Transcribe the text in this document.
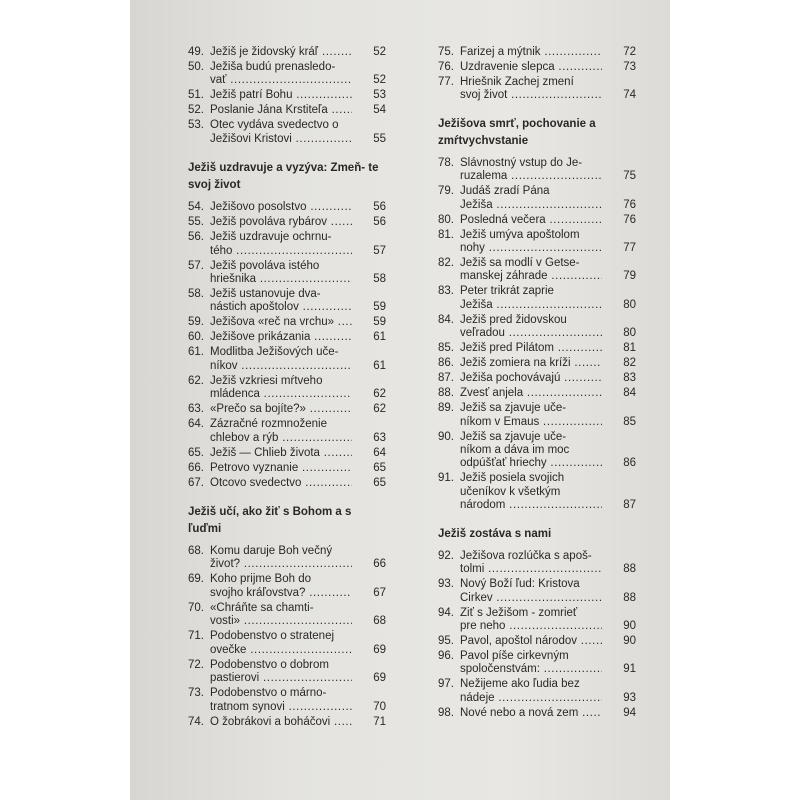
49. Ježiš je židovský kráľ .....	52
50. Ježiša budú prenasledo-
vať .....	52
51. Ježiš patrí Bohu .....	53
52. Poslanie Jána Krstiteľa .....	54
53. Otec vydáva svedectvo o
Ježišovi Kristovi .....	55
Ježiš uzdravuje a vyzýva: Zmeň- te svoj život
54. Ježišovo posolstvo .....	56
55. Ježiš povoláva rybárov .....	56
56. Ježiš uzdravuje ochrnu-
tého .....	57
57. Ježiš povoláva istého
hriešnika .....	58
58. Ježiš ustanovuje dva-
nástich apoštolov .....	59
59. Ježišova «reč na vrchu» .....	59
60. Ježišove prikázania .....	61
61. Modlitba Ježišových uče-
níkov .....	61
62. Ježiš vzkriesi mŕtveho
mládenca .....	62
63. «Prečo sa bojíte?» .....	62
64. Zázračné rozmnoženie
chlebov a rýb .....	63
65. Ježiš — Chlieb života .....	64
66. Petrovo vyznanie .....	65
67. Otcovo svedectvo .....	65
Ježiš učí, ako žiť s Bohom a s ľuďmi
68. Komu daruje Boh večný
život? .....	66
69. Koho prijme Boh do
svojho kráľovstva? .....	67
70. «Chráňte sa chamti-
vosti» .....	68
71. Podobenstvo o stratenej
ovečke .....	69
72. Podobenstvo o dobrom
pastierovi .....	69
73. Podobenstvo o márno-
tratnom synovi .....	70
74. O žobrákovi a boháčovi .....	71
75. Farizej a mýtnik .....	72
76. Uzdravenie slepca .....	73
77. Hriešnik Zachej zmení
svoj život .....	74
Ježišova smrť, pochovanie a zmŕtvychvstanie
78. Slávnostný vstup do Je-
ruzalema .....	75
79. Judáš zradí Pána
Ježiša .....	76
80. Posledná večera .....	76
81. Ježiš umýva apoštolom
nohy .....	77
82. Ježiš sa modlí v Getse-
manskej záhrade .....	79
83. Peter trikrát zaprie
Ježiša .....	80
84. Ježiš pred židovskou
veľradou .....	80
85. Ježiš pred Pilátom .....	81
86. Ježiš zomiera na kríži .....	82
87. Ježiša pochovávajú .....	83
88. Zvesť anjela .....	84
89. Ježiš sa zjavuje uče-
níkom v Emaus .....	85
90. Ježiš sa zjavuje uče-
níkom a dáva im moc
odpúšťať hriechy .....	86
91. Ježiš posiela svojich
učeníkov k všetkým
národom .....	87
Ježiš zostáva s nami
92. Ježišova rozlúčka s apoš-
tolmi .....	88
93. Nový Boží ľud: Kristova
Cirkev .....	88
94. Žiť s Ježišom - zomrieť
pre neho .....	90
95. Pavol, apoštol národov .....	90
96. Pavol píše cirkevným
spoločenstvám: .....	91
97. Nežijeme ako ľudia bez
nádeje .....	93
98. Nové nebo a nová zem .....	94
